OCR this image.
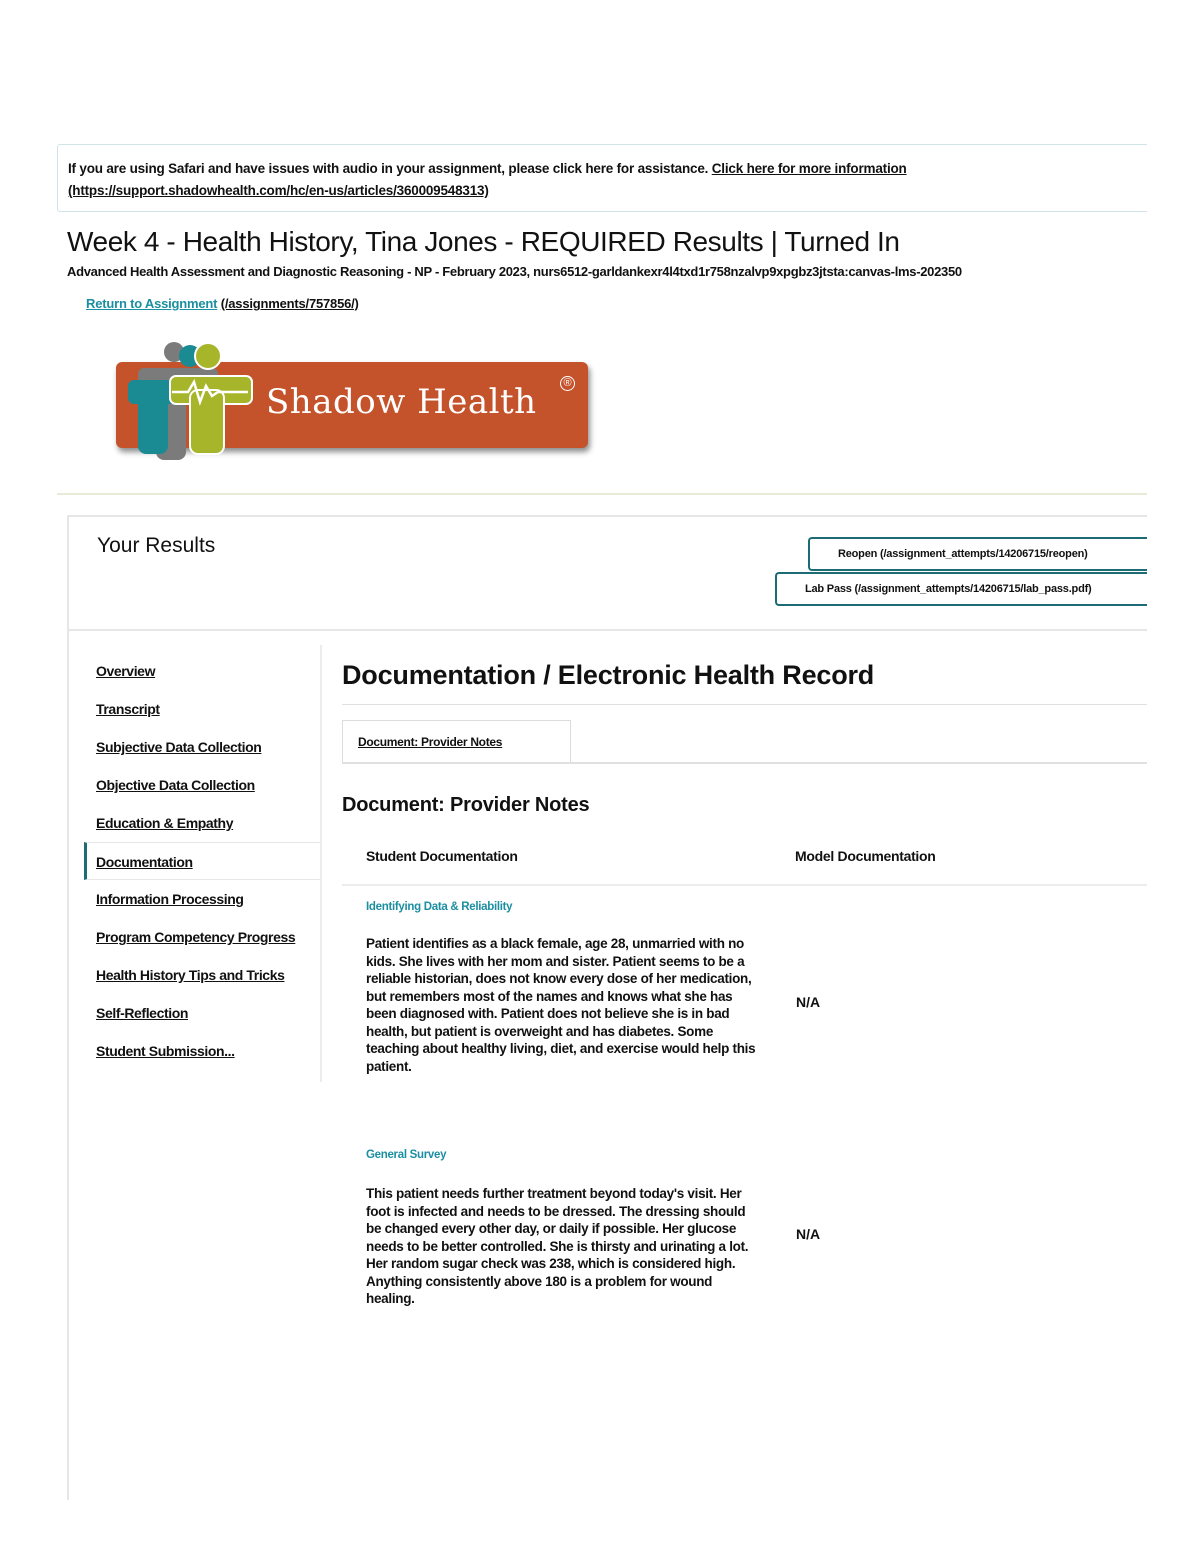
If you are using Safari and have issues with audio in your assignment, please click here for assistance. Click here for more information
(https://support.shadowhealth.com/hc/en-us/articles/360009548313)
Week 4 - Health History, Tina Jones - REQUIRED Results | Turned In
Advanced Health Assessment and Diagnostic Reasoning - NP - February 2023, nurs6512-garldankexr4l4txd1r758nzalvp9xpgbz3jtsta:canvas-lms-202350
Return to Assignment (/assignments/757856/)
Shadow Health	®
Your Results	Reopen (/assignment_attempts/14206715/reopen)
Lab Pass (/assignment_attempts/14206715/lab_pass.pdf)
Overview
Transcript
Subjective Data Collection
Objective Data Collection
Education & Empathy
Documentation
Information Processing
Program Competency Progress
Health History Tips and Tricks
Self-Reflection
Student Submission...
Documentation / Electronic Health Record
Document: Provider Notes
Document: Provider Notes
Student Documentation	Model Documentation
Identifying Data & Reliability
Patient identifies as a black female, age 28, unmarried with no kids. She lives with her mom and sister. Patient seems to be a reliable historian, does not know every dose of her medication, but remembers most of the names and knows what she has been diagnosed with. Patient does not believe she is in bad health, but patient is overweight and has diabetes. Some teaching about healthy living, diet, and exercise would help this patient.
N/A
General Survey
This patient needs further treatment beyond today's visit. Her foot is infected and needs to be dressed. The dressing should be changed every other day, or daily if possible. Her glucose needs to be better controlled. She is thirsty and urinating a lot. Her random sugar check was 238, which is considered high. Anything consistently above 180 is a problem for wound healing.
N/A
